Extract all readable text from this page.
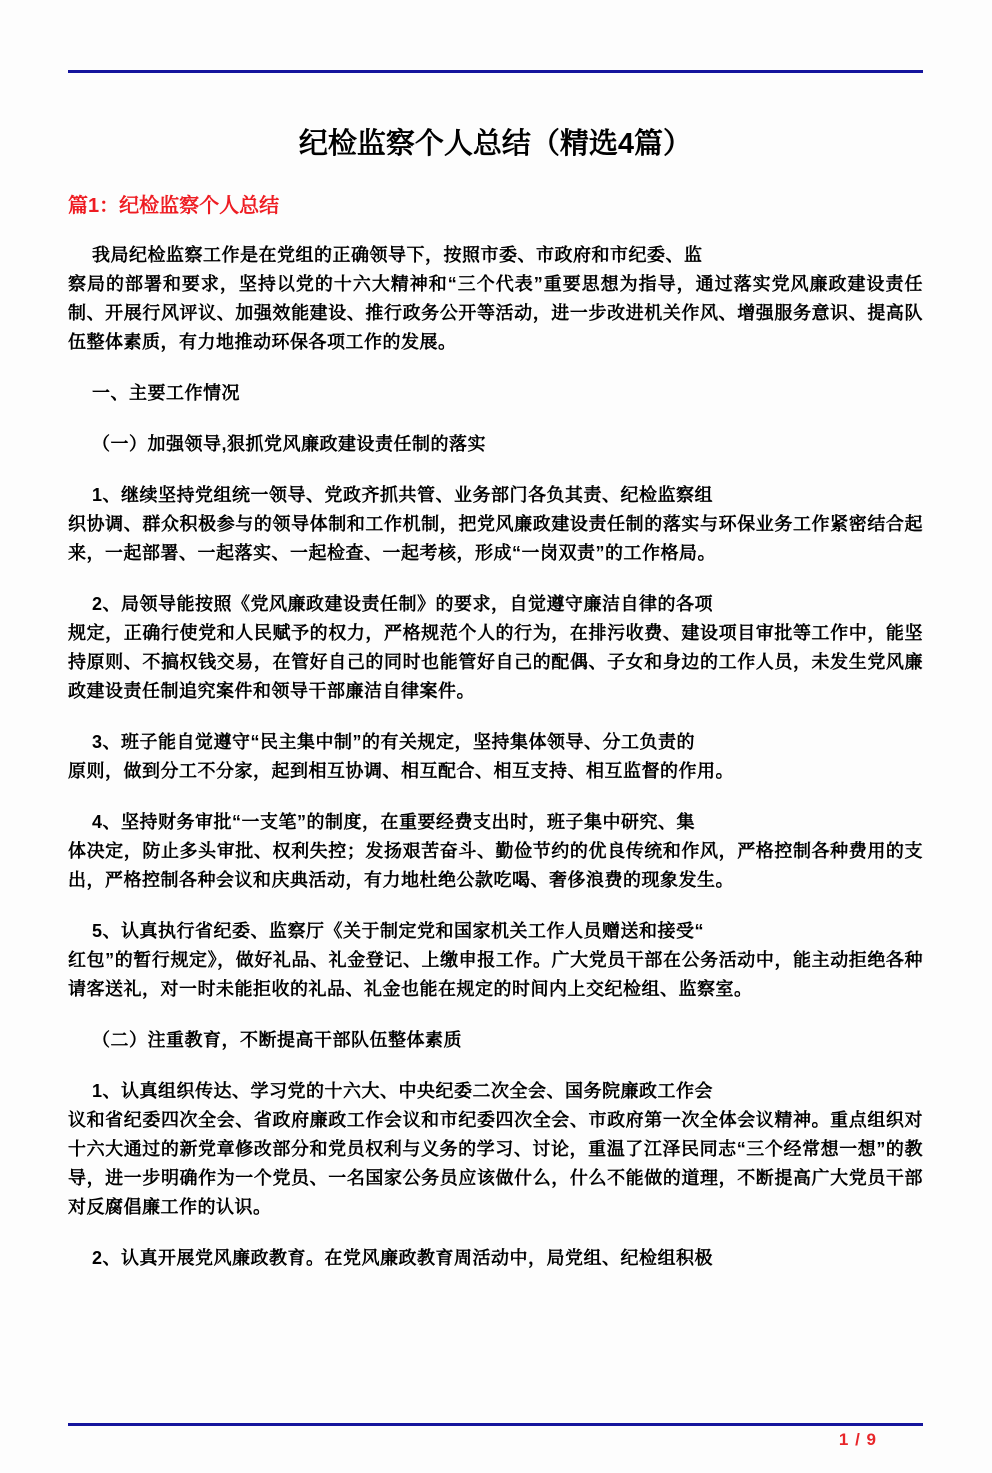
纪检监察个人总结（精选4篇）
篇1：纪检监察个人总结

我局纪检监察工作是在党组的正确领导下，按照市委、市政府和市纪委、监
察局的部署和要求，坚持以党的十六大精神和“三个代表”重要思想为指导，通过落实党风廉政建设责任制、开展行风评议、加强效能建设、推行政务公开等活动，进一步改进机关作风、增强服务意识、提高队伍整体素质，有力地推动环保各项工作的发展。

一、主要工作情况

（一）加强领导,狠抓党风廉政建设责任制的落实

1、继续坚持党组统一领导、党政齐抓共管、业务部门各负其责、纪检监察组
织协调、群众积极参与的领导体制和工作机制，把党风廉政建设责任制的落实与环保业务工作紧密结合起来，一起部署、一起落实、一起检查、一起考核，形成“一岗双责”的工作格局。

2、局领导能按照《党风廉政建设责任制》的要求，自觉遵守廉洁自律的各项
规定，正确行使党和人民赋予的权力，严格规范个人的行为，在排污收费、建设项目审批等工作中，能坚持原则、不搞权钱交易，在管好自己的同时也能管好自己的配偶、子女和身边的工作人员，未发生党风廉政建设责任制追究案件和领导干部廉洁自律案件。

3、班子能自觉遵守“民主集中制”的有关规定，坚持集体领导、分工负责的
原则，做到分工不分家，起到相互协调、相互配合、相互支持、相互监督的作用。

4、坚持财务审批“一支笔”的制度，在重要经费支出时，班子集中研究、集
体决定，防止多头审批、权利失控；发扬艰苦奋斗、勤俭节约的优良传统和作风，严格控制各种费用的支出，严格控制各种会议和庆典活动，有力地杜绝公款吃喝、奢侈浪费的现象发生。

5、认真执行省纪委、监察厅《关于制定党和国家机关工作人员赠送和接受“
红包”的暂行规定》，做好礼品、礼金登记、上缴申报工作。广大党员干部在公务活动中，能主动拒绝各种请客送礼，对一时未能拒收的礼品、礼金也能在规定的时间内上交纪检组、监察室。

（二）注重教育，不断提高干部队伍整体素质

1、认真组织传达、学习党的十六大、中央纪委二次全会、国务院廉政工作会
议和省纪委四次全会、省政府廉政工作会议和市纪委四次全会、市政府第一次全体会议精神。重点组织对十六大通过的新党章修改部分和党员权利与义务的学习、讨论，重温了江泽民同志“三个经常想一想”的教导，进一步明确作为一个党员、一名国家公务员应该做什么，什么不能做的道理，不断提高广大党员干部对反腐倡廉工作的认识。

2、认真开展党风廉政教育。在党风廉政教育周活动中，局党组、纪检组积极

1 / 9
